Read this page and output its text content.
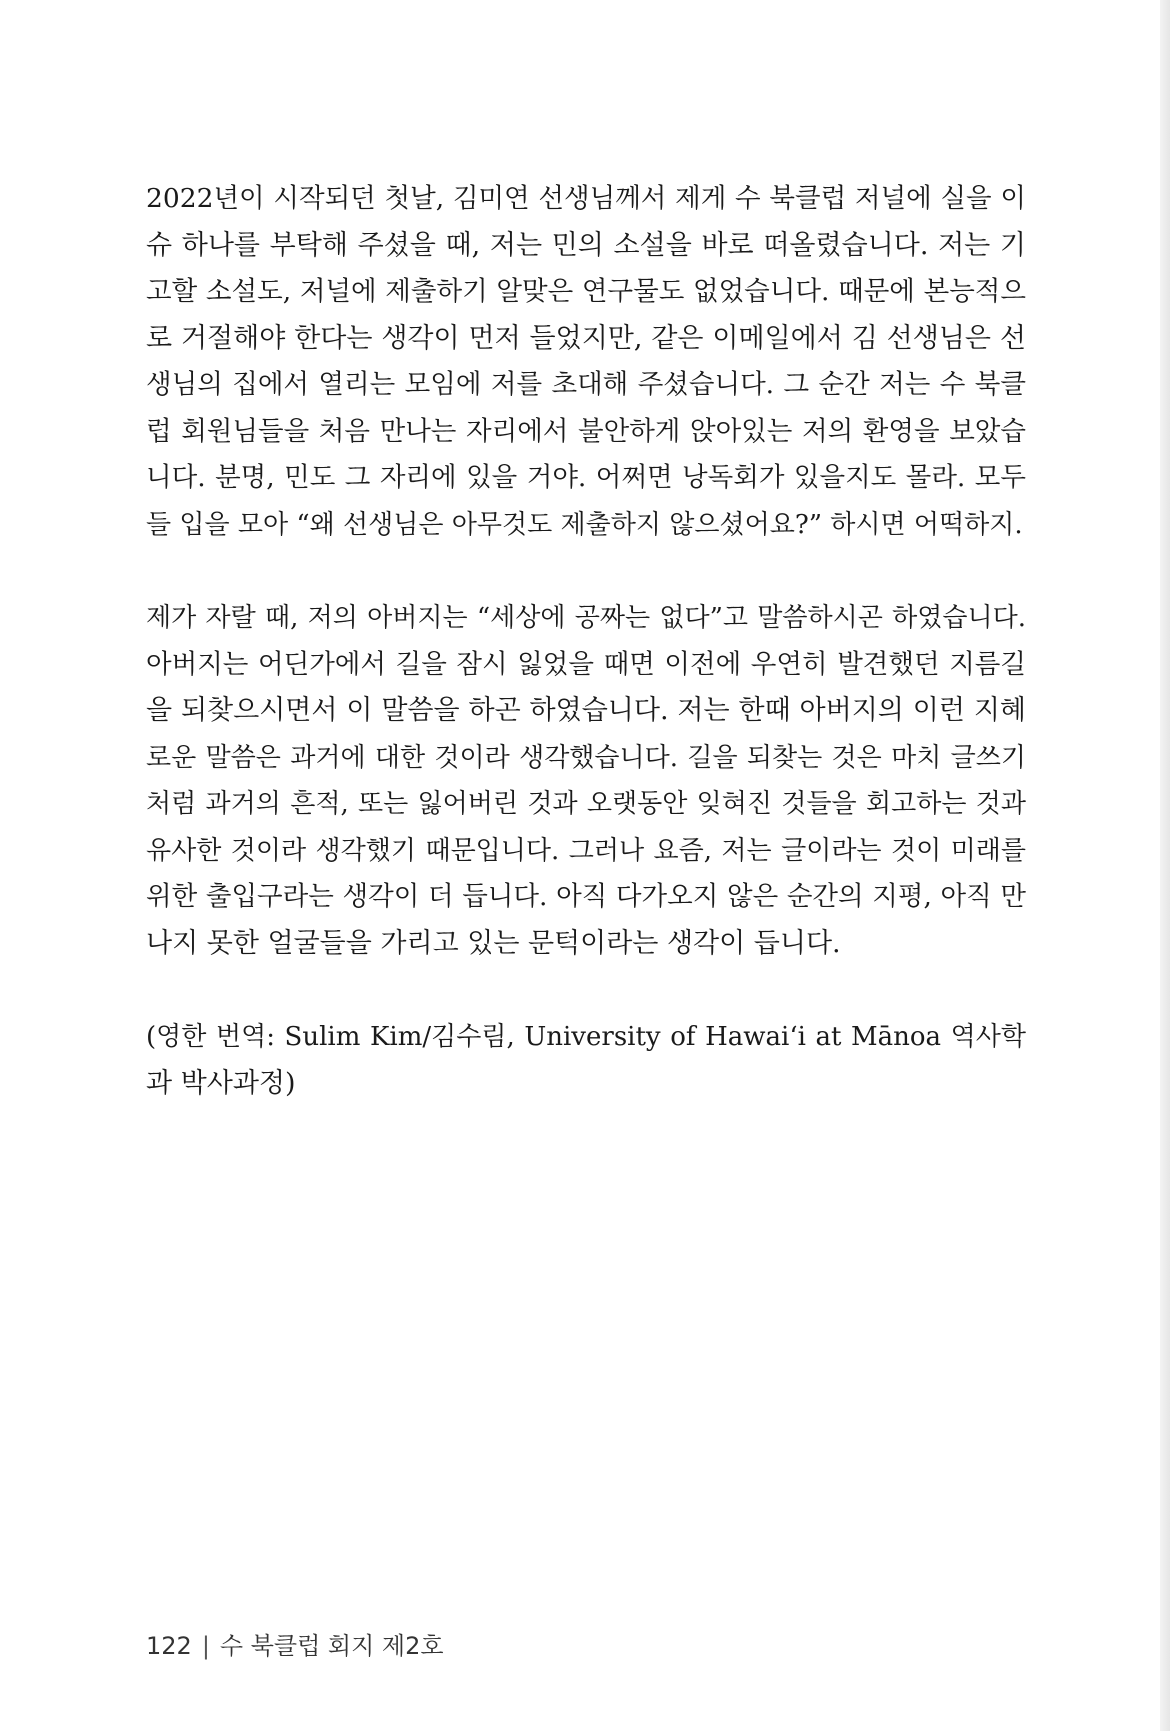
2022년이 시작되던 첫날, 김미연 선생님께서 제게 수 북클럽 저널에 실을 이
슈 하나를 부탁해 주셨을 때, 저는 민의 소설을 바로 떠올렸습니다. 저는 기
고할 소설도, 저널에 제출하기 알맞은 연구물도 없었습니다. 때문에 본능적으
로 거절해야 한다는 생각이 먼저 들었지만, 같은 이메일에서 김 선생님은 선
생님의 집에서 열리는 모임에 저를 초대해 주셨습니다. 그 순간 저는 수 북클
럽 회원님들을 처음 만나는 자리에서 불안하게 앉아있는 저의 환영을 보았습
니다. 분명, 민도 그 자리에 있을 거야. 어쩌면 낭독회가 있을지도 몰라. 모두
들 입을 모아 “왜 선생님은 아무것도 제출하지 않으셨어요?” 하시면 어떡하지.
제가 자랄 때, 저의 아버지는 “세상에 공짜는 없다”고 말씀하시곤 하였습니다.
아버지는 어딘가에서 길을 잠시 잃었을 때면 이전에 우연히 발견했던 지름길
을 되찾으시면서 이 말씀을 하곤 하였습니다. 저는 한때 아버지의 이런 지혜
로운 말씀은 과거에 대한 것이라 생각했습니다. 길을 되찾는 것은 마치 글쓰기
처럼 과거의 흔적, 또는 잃어버린 것과 오랫동안 잊혀진 것들을 회고하는 것과
유사한 것이라 생각했기 때문입니다. 그러나 요즘, 저는 글이라는 것이 미래를
위한 출입구라는 생각이 더 듭니다. 아직 다가오지 않은 순간의 지평, 아직 만
나지 못한 얼굴들을 가리고 있는 문턱이라는 생각이 듭니다.
(영한 번역: Sulim Kim/김수림, University of Hawaiʻi at Mānoa 역사학
과 박사과정)
122 | 수 북클럽 회지 제2호
